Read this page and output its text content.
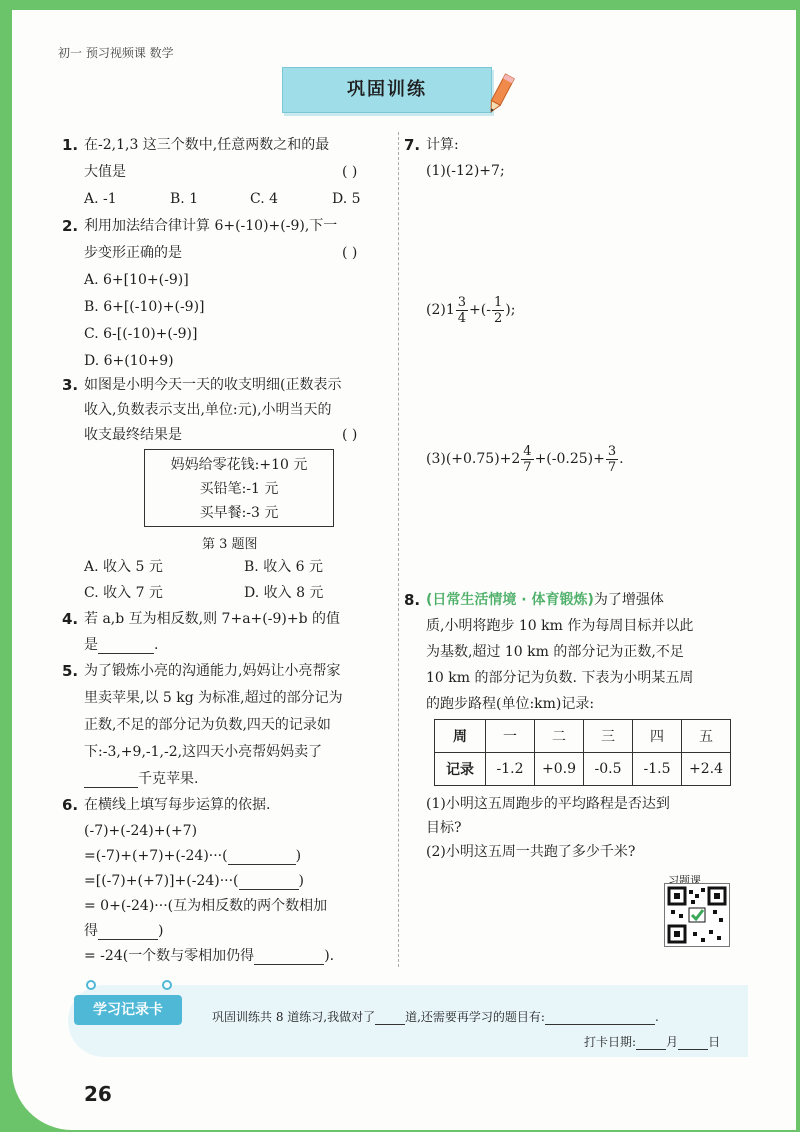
初一 预习视频课 数学
巩固训练
1. 在-2,1,3 这三个数中,任意两数之和的最
大值是	( )
A. -1	B. 1	C. 4	D. 5
2. 利用加法结合律计算 6+(-10)+(-9),下一
步变形正确的是	( )
A. 6+[10+(-9)]
B. 6+[(-10)+(-9)]
C. 6-[(-10)+(-9)]
D. 6+(10+9)
3. 如图是小明今天一天的收支明细(正数表示
收入,负数表示支出,单位:元),小明当天的
收支最终结果是	( )
妈妈给零花钱:+10 元
买铅笔:-1 元
买早餐:-3 元
第 3 题图
A. 收入 5 元	B. 收入 6 元
C. 收入 7 元	D. 收入 8 元
4. 若 a,b 互为相反数,则 7+a+(-9)+b 的值
是	.
5. 为了锻炼小亮的沟通能力,妈妈让小亮帮家
里卖苹果,以 5 kg 为标准,超过的部分记为
正数,不足的部分记为负数,四天的记录如
下:-3,+9,-1,-2,这四天小亮帮妈妈卖了
千克苹果.
6. 在横线上填写每步运算的依据.
(-7)+(-24)+(+7)
=(-7)+(+7)+(-24)···(	)
=[(-7)+(+7)]+(-24)···(	)
= 0+(-24)···(互为相反数的两个数相加
得	)
= -24(一个数与零相加仍得	).
7. 计算:
(1)(-12)+7;
$(2)1 \frac{3}{4}$ +(- $\frac{1}{2}$ );
$(3)(+0.75)+2 \frac{4}{7} +(-0.25)+ \frac{3}{7}$ .
8. (日常生活情境 · 体育锻炼)为了增强体
质,小明将跑步 10 km 作为每周目标并以此
为基数,超过 10 km 的部分记为正数,不足
10 km 的部分记为负数. 下表为小明某五周
的跑步路程(单位:km)记录:
周	一	二	三	四	五
记录	-1.2	+0.9	-0.5	-1.5	+2.4
(1)小明这五周跑步的平均路程是否达到
目标?
(2)小明这五周一共跑了多少千米?
习题课
学习记录卡	巩固训练共 8 道练习,我做对了	道,还需要再学习的题目有:	.
打卡日期:	月	日
26
